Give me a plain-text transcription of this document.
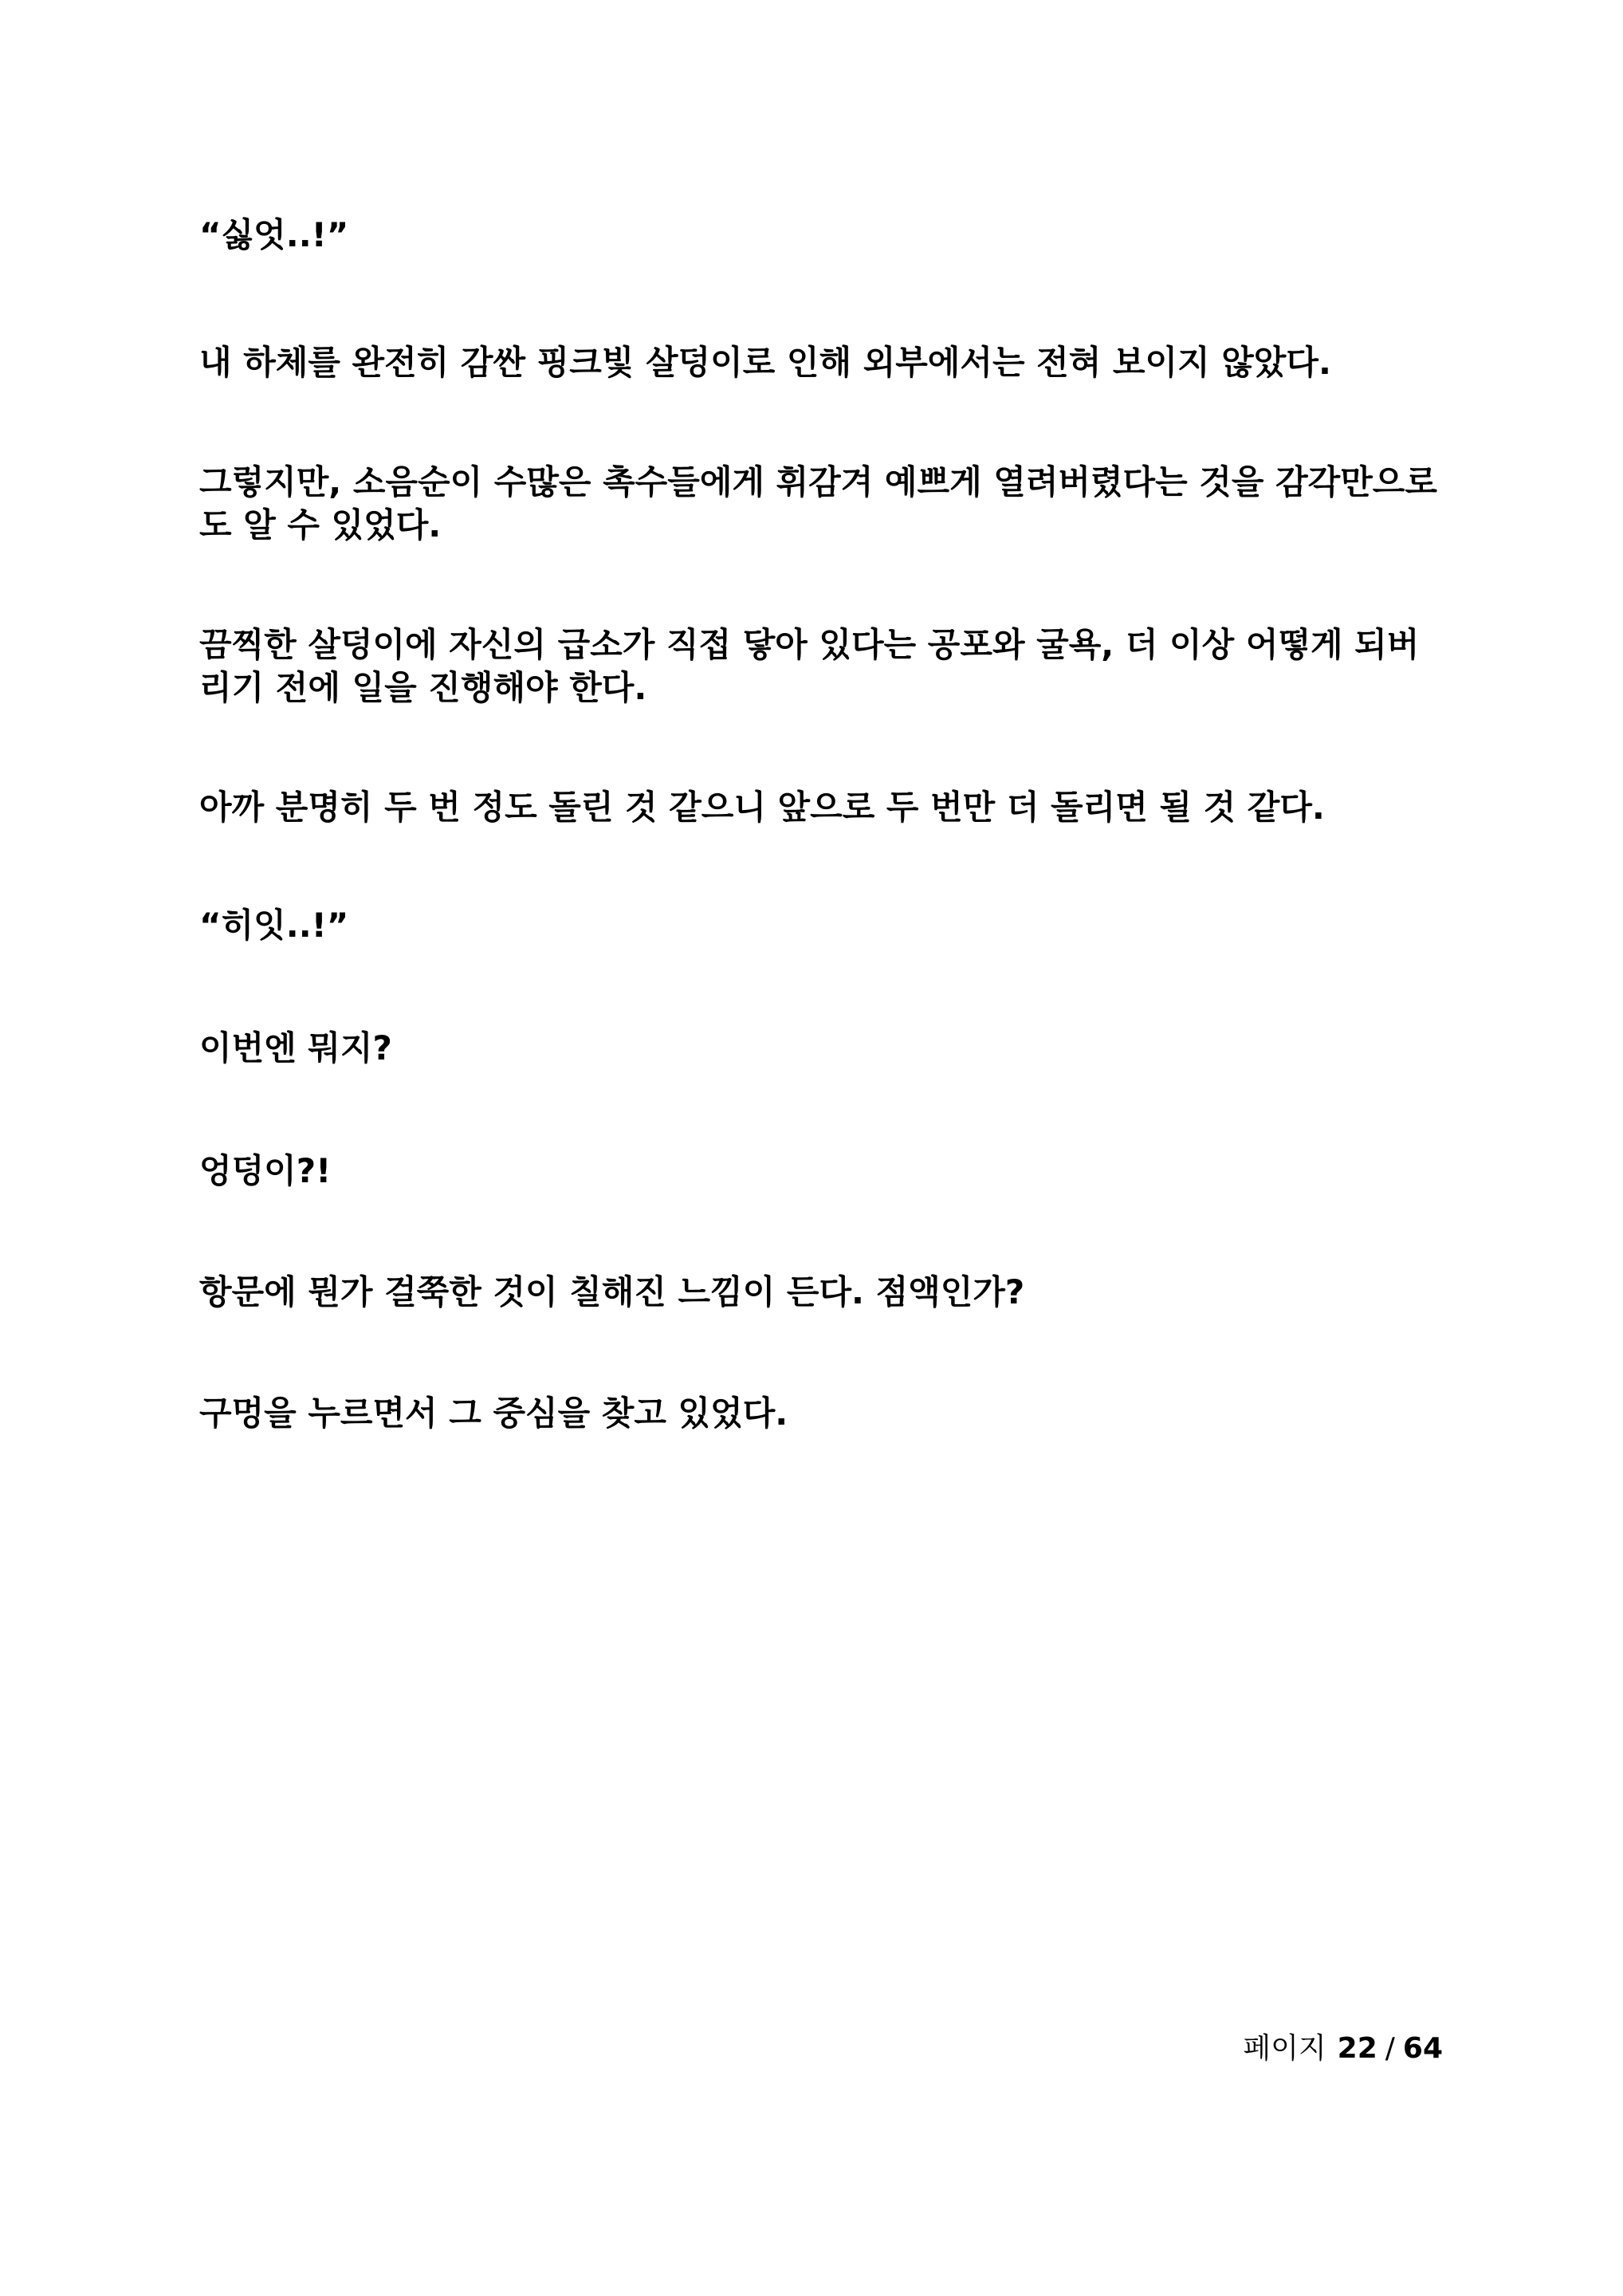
“싫엇..!”
내 하체를 완전히 감싼 핑크빛 살덩이로 인해 외부에서는 전혀 보이지 않았다.
그렇지만, 소음순이 수많은 촉수들에게 휘감겨 예쁘게 열려버렸다는 것을 감각만으로도 알 수 있었다.
끔찍한 살덩이에 자신의 급소가 직접 닿아 있다는 공포와 굴욕, 더 이상 어떻게 되버리기 전에 일을 진행해야 한다.
아까 분명히 두 번 정도 돌린 것 같으니 앞으로 두 번만 더 돌리면 될 것 같다.
“히잇..!”
이번엔 뭐지?
엉덩이?!
항문에 뭔가 걸쭉한 것이 칠해진 느낌이 든다. 점액인가?
구멍을 누르면서 그 중심을 찾고 있었다.
페이지 22 / 64
